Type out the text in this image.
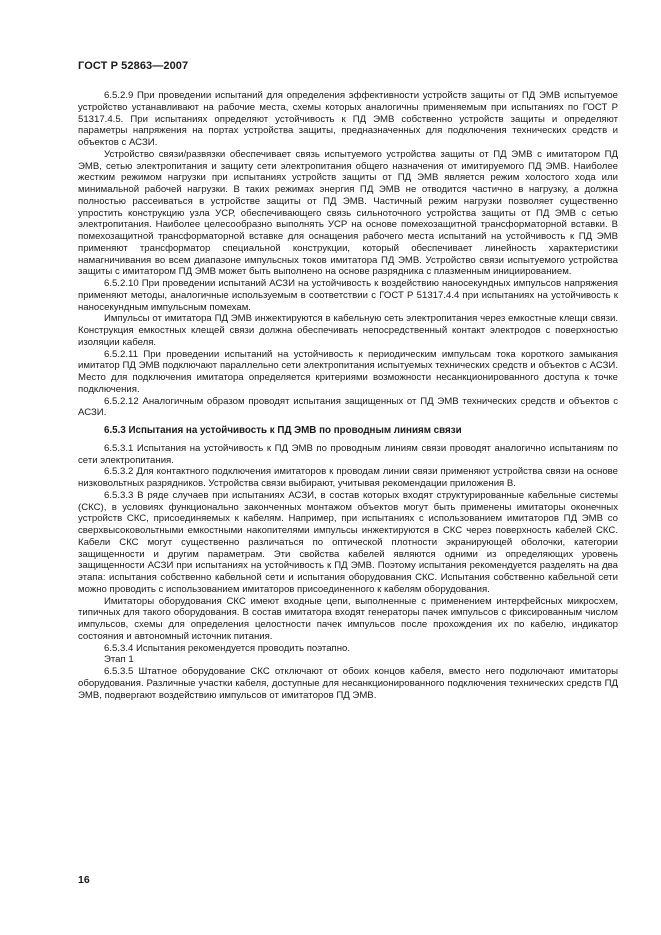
ГОСТ Р 52863—2007

6.5.2.9 При проведении испытаний для определения эффективности устройств защиты от ПД ЭМВ испытуемое устройство устанавливают на рабочие места, схемы которых аналогичны применяемым при испытаниях по ГОСТ Р 51317.4.5. При испытаниях определяют устойчивость к ПД ЭМВ собственно устройств защиты и определяют параметры напряжения на портах устройства защиты, предназначенных для подключения технических средств и объектов с АСЗИ.

Устройство связи/развязки обеспечивает связь испытуемого устройства защиты от ПД ЭМВ с имитатором ПД ЭМВ, сетью электропитания и защиту сети электропитания общего назначения от имитируемого ПД ЭМВ. Наиболее жестким режимом нагрузки при испытаниях устройств защиты от ПД ЭМВ является режим холостого хода или минимальной рабочей нагрузки. В таких режимах энергия ПД ЭМВ не отводится частично в нагрузку, а должна полностью рассеиваться в устройстве защиты от ПД ЭМВ. Частичный режим нагрузки позволяет существенно упростить конструкцию узла УСР, обеспечивающего связь сильноточного устройства защиты от ПД ЭМВ с сетью электропитания. Наиболее целесообразно выполнять УСР на основе помехозащитной трансформаторной вставки. В помехозащитной трансформаторной вставке для оснащения рабочего места испытаний на устойчивость к ПД ЭМВ применяют трансформатор специальной конструкции, который обеспечивает линейность характеристики намагничивания во всем диапазоне импульсных токов имитатора ПД ЭМВ. Устройство связи испытуемого устройства защиты с имитатором ПД ЭМВ может быть выполнено на основе разрядника с плазменным инициированием.

6.5.2.10 При проведении испытаний АСЗИ на устойчивость к воздействию наносекундных импульсов напряжения применяют методы, аналогичные используемым в соответствии с ГОСТ Р 51317.4.4 при испытаниях на устойчивость к наносекундным импульсным помехам.

Импульсы от имитатора ПД ЭМВ инжектируются в кабельную сеть электропитания через емкостные клещи связи. Конструкция емкостных клещей связи должна обеспечивать непосредственный контакт электродов с поверхностью изоляции кабеля.

6.5.2.11 При проведении испытаний на устойчивость к периодическим импульсам тока короткого замыкания имитатор ПД ЭМВ подключают параллельно сети электропитания испытуемых технических средств и объектов с АСЗИ. Место для подключения имитатора определяется критериями возможности несанкционированного доступа к точке подключения.

6.5.2.12 Аналогичным образом проводят испытания защищенных от ПД ЭМВ технических средств и объектов с АСЗИ.

6.5.3 Испытания на устойчивость к ПД ЭМВ по проводным линиям связи

6.5.3.1 Испытания на устойчивость к ПД ЭМВ по проводным линиям связи проводят аналогично испытаниям по сети электропитания.

6.5.3.2 Для контактного подключения имитаторов к проводам линии связи применяют устройства связи на основе низковольтных разрядников. Устройства связи выбирают, учитывая рекомендации приложения В.

6.5.3.3 В ряде случаев при испытаниях АСЗИ, в состав которых входят структурированные кабельные системы (СКС), в условиях функционально законченных монтажом объектов могут быть применены имитаторы оконечных устройств СКС, присоединяемых к кабелям. Например, при испытаниях с использованием имитаторов ПД ЭМВ со сверхвысоковольтными емкостными накопителями импульсы инжектируются в СКС через поверхность кабелей СКС. Кабели СКС могут существенно различаться по оптической плотности экранирующей оболочки, категории защищенности и другим параметрам. Эти свойства кабелей являются одними из определяющих уровень защищенности АСЗИ при испытаниях на устойчивость к ПД ЭМВ. Поэтому испытания рекомендуется разделять на два этапа: испытания собственно кабельной сети и испытания оборудования СКС. Испытания собственно кабельной сети можно проводить с использованием имитаторов присоединенного к кабелям оборудования.

Имитаторы оборудования СКС имеют входные цепи, выполненные с применением интерфейсных микросхем, типичных для такого оборудования. В состав имитатора входят генераторы пачек импульсов с фиксированным числом импульсов, схемы для определения целостности пачек импульсов после прохождения их по кабелю, индикатор состояния и автономный источник питания.

6.5.3.4 Испытания рекомендуется проводить поэтапно.

Этап 1

6.5.3.5 Штатное оборудование СКС отключают от обоих концов кабеля, вместо него подключают имитаторы оборудования. Различные участки кабеля, доступные для несанкционированного подключения технических средств ПД ЭМВ, подвергают воздействию импульсов от имитаторов ПД ЭМВ.

16
